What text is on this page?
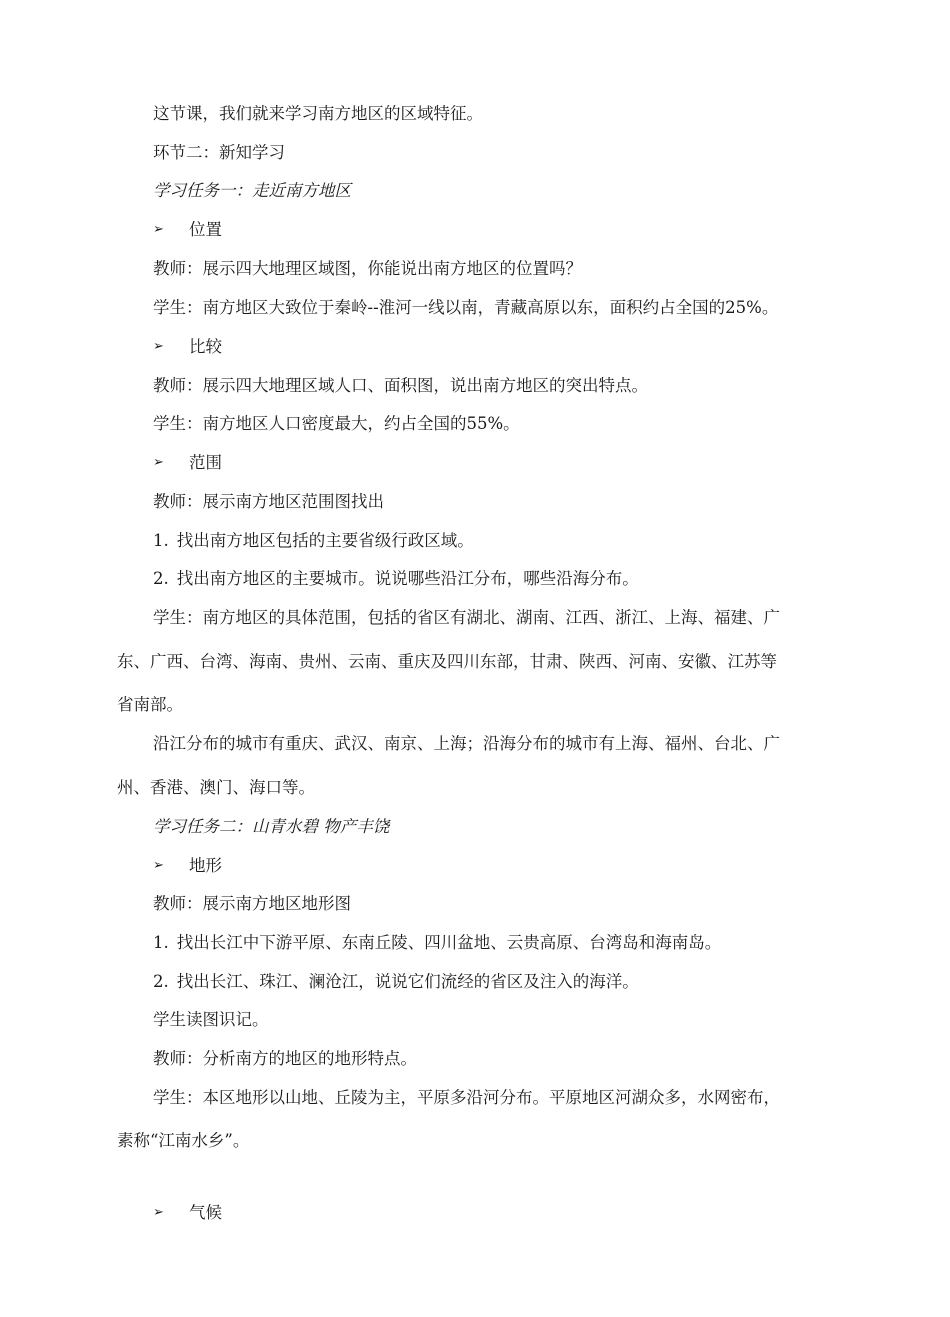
这节课，我们就来学习南方地区的区域特征。
环节二：新知学习
学习任务一：走近南方地区
➢ 位置
教师：展示四大地理区域图，你能说出南方地区的位置吗？
学生：南方地区大致位于秦岭--淮河一线以南，青藏高原以东，面积约占全国的25%。
➢ 比较
教师：展示四大地理区域人口、面积图，说出南方地区的突出特点。
学生：南方地区人口密度最大，约占全国的55%。
➢ 范围
教师：展示南方地区范围图找出
1. 找出南方地区包括的主要省级行政区域。
2. 找出南方地区的主要城市。说说哪些沿江分布，哪些沿海分布。
学生：南方地区的具体范围，包括的省区有湖北、湖南、江西、浙江、上海、福建、广
东、广西、台湾、海南、贵州、云南、重庆及四川东部，甘肃、陕西、河南、安徽、江苏等
省南部。
沿江分布的城市有重庆、武汉、南京、上海；沿海分布的城市有上海、福州、台北、广
州、香港、澳门、海口等。
学习任务二：山青水碧 物产丰饶
➢ 地形
教师：展示南方地区地形图
1. 找出长江中下游平原、东南丘陵、四川盆地、云贵高原、台湾岛和海南岛。
2. 找出长江、珠江、澜沧江，说说它们流经的省区及注入的海洋。
学生读图识记。
教师：分析南方的地区的地形特点。
学生：本区地形以山地、丘陵为主，平原多沿河分布。平原地区河湖众多，水网密布，
素称“江南水乡”。
➢ 气候
